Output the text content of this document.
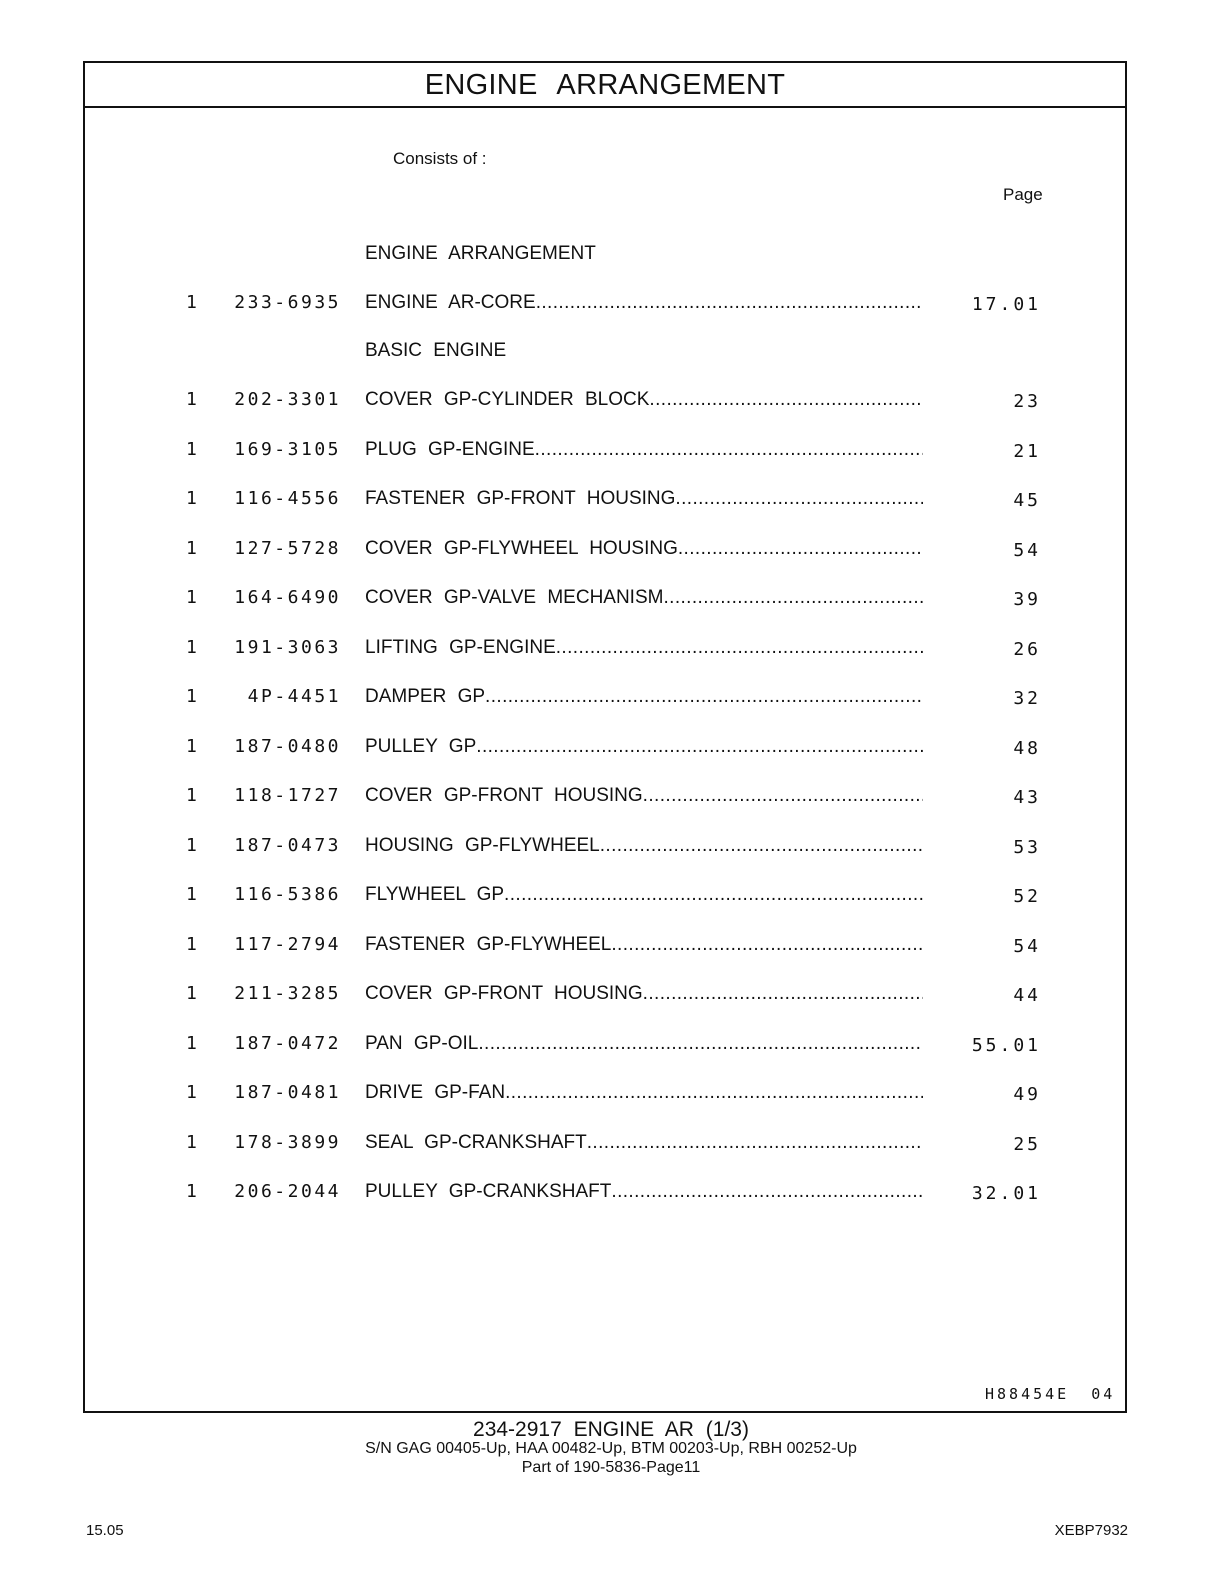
ENGINE ARRANGEMENT
Consists of :
Page
ENGINE ARRANGEMENT
1	233-6935 ENGINE AR-CORE .....	17.01
BASIC ENGINE
1	202-3301 COVER GP-CYLINDER BLOCK .....	23
1	169-3105 PLUG GP-ENGINE .....	21
1	116-4556 FASTENER GP-FRONT HOUSING .....	45
1	127-5728 COVER GP-FLYWHEEL HOUSING .....	54
1	164-6490 COVER GP-VALVE MECHANISM .....	39
1	191-3063 LIFTING GP-ENGINE .....	26
1	4P-4451 DAMPER GP .....	32
1	187-0480 PULLEY GP .....	48
1	118-1727 COVER GP-FRONT HOUSING .....	43
1	187-0473 HOUSING GP-FLYWHEEL .....	53
1	116-5386 FLYWHEEL GP .....	52
1	117-2794 FASTENER GP-FLYWHEEL .....	54
1	211-3285 COVER GP-FRONT HOUSING .....	44
1	187-0472 PAN GP-OIL .....	55.01
1	187-0481 DRIVE GP-FAN .....	49
1	178-3899 SEAL GP-CRANKSHAFT .....	25
1	206-2044 PULLEY GP-CRANKSHAFT .....	32.01
H88454E 04
234-2917 ENGINE AR (1/3)
S/N GAG 00405-Up, HAA 00482-Up, BTM 00203-Up, RBH 00252-Up
Part of 190-5836-Page11
15.05	XEBP7932
